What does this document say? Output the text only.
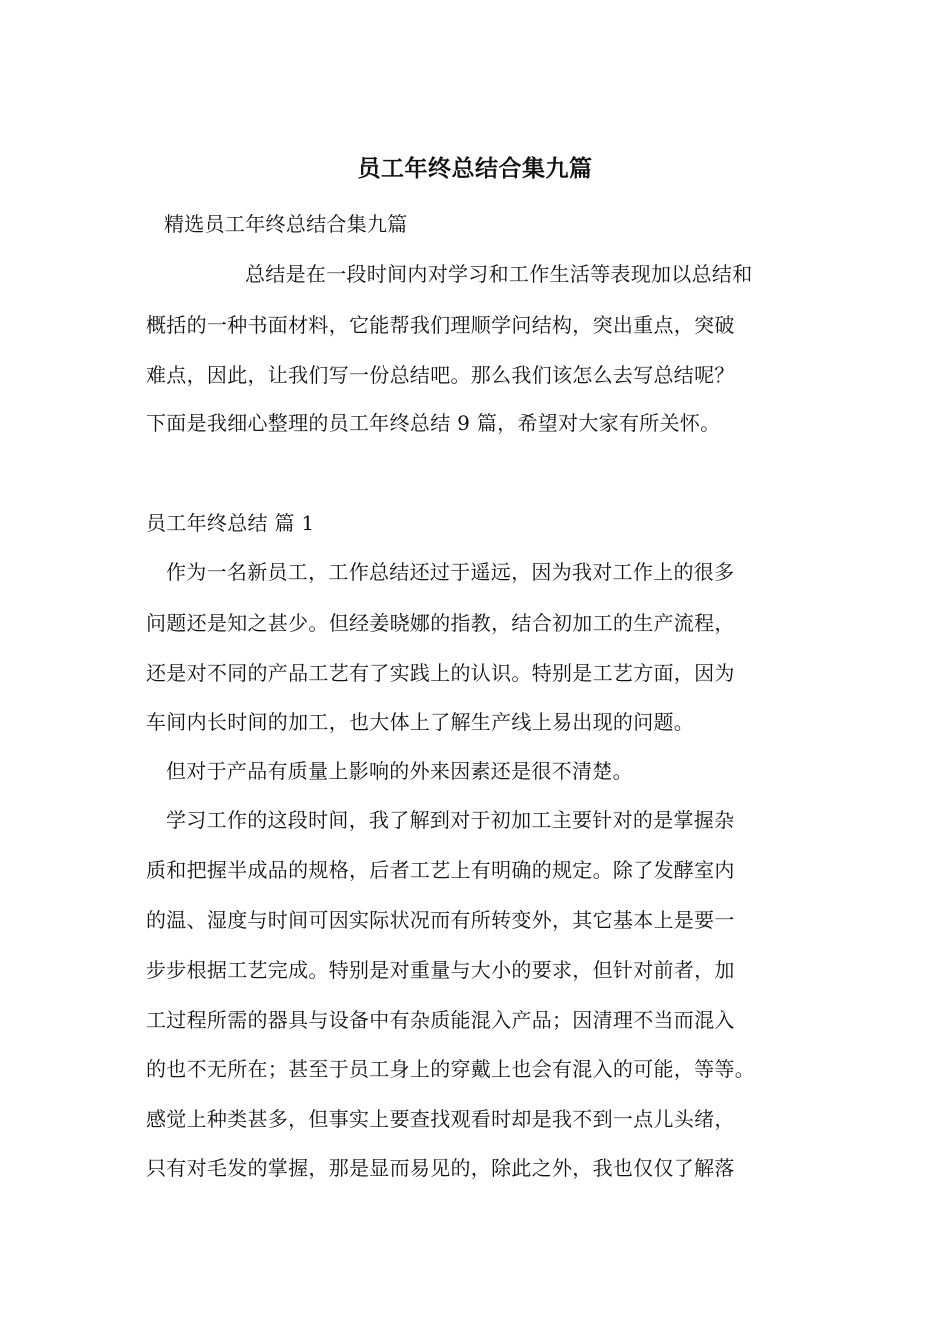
员工年终总结合集九篇
精选员工年终总结合集九篇
总结是在一段时间内对学习和工作生活等表现加以总结和
概括的一种书面材料，它能帮我们理顺学问结构，突出重点，突破
难点，因此，让我们写一份总结吧。那么我们该怎么去写总结呢？
下面是我细心整理的员工年终总结 9 篇，希望对大家有所关怀。
员工年终总结 篇 1
作为一名新员工，工作总结还过于遥远，因为我对工作上的很多
问题还是知之甚少。但经姜晓娜的指教，结合初加工的生产流程，
还是对不同的产品工艺有了实践上的认识。特别是工艺方面，因为
车间内长时间的加工，也大体上了解生产线上易出现的问题。
但对于产品有质量上影响的外来因素还是很不清楚。
学习工作的这段时间，我了解到对于初加工主要针对的是掌握杂
质和把握半成品的规格，后者工艺上有明确的规定。除了发酵室内
的温、湿度与时间可因实际状况而有所转变外，其它基本上是要一
步步根据工艺完成。特别是对重量与大小的要求，但针对前者，加
工过程所需的器具与设备中有杂质能混入产品；因清理不当而混入
的也不无所在；甚至于员工身上的穿戴上也会有混入的可能，等等。
感觉上种类甚多，但事实上要查找观看时却是我不到一点儿头绪，
只有对毛发的掌握，那是显而易见的，除此之外，我也仅仅了解落
